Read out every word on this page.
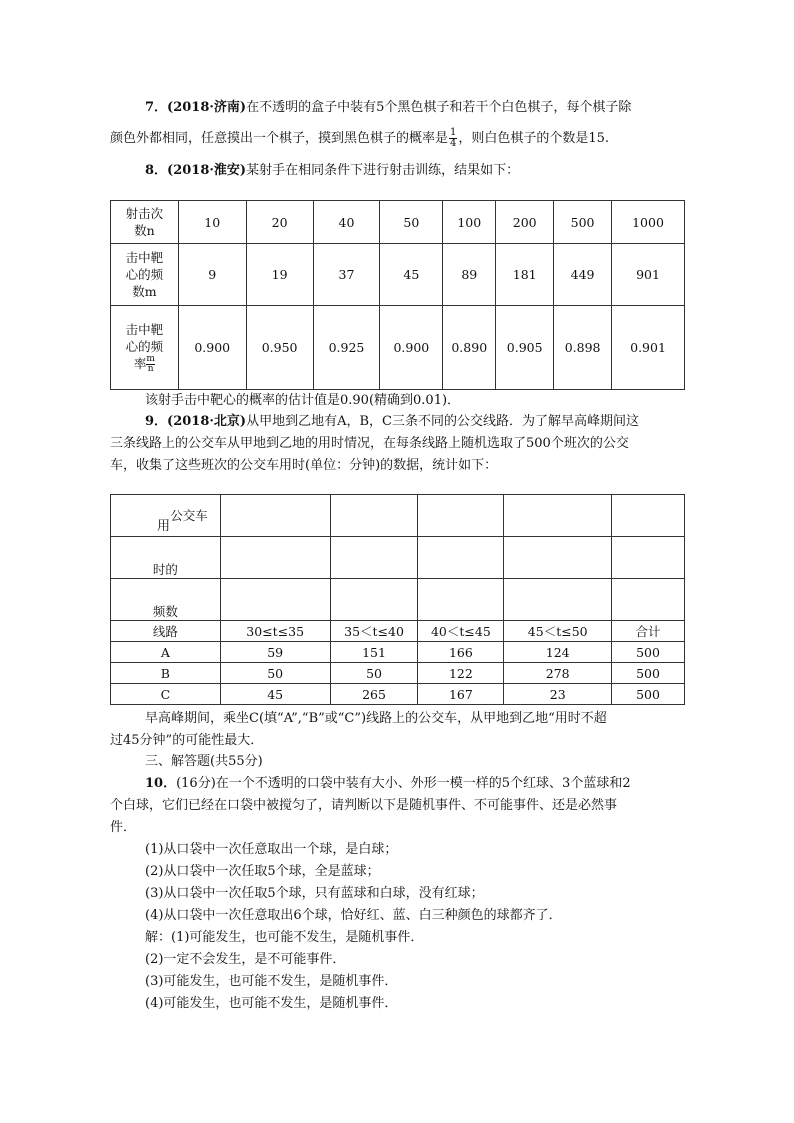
7．(2018·济南)在不透明的盒子中装有5个黑色棋子和若干个白色棋子，每个棋子除
颜色外都相同，任意摸出一个棋子，摸到黑色棋子的概率是 $\frac{1}{4}$ ，则白色棋子的个数是15.
8．(2018·淮安)某射手在相同条件下进行射击训练，结果如下：
射击次
数n	10	20	40	50	100	200	500	1000
击中靶
心的频
数m	9	19	37	45	89	181	449	901
击中靶
心的频
率 $\frac{m}{n}$	0.900	0.950	0.925	0.900	0.890	0.905	0.898	0.901
该射手击中靶心的概率的估计值是0.90(精确到0.01)．
9．(2018·北京)从甲地到乙地有A，B，C三条不同的公交线路．为了解早高峰期间这
三条线路上的公交车从甲地到乙地的用时情况，在每条线路上随机选取了500个班次的公交
车，收集了这些班次的公交车用时(单位：分钟)的数据，统计如下：
公交车					
时的					
频数					
线路	30≤t≤35	35＜t≤40	40＜t≤45	45＜t≤50	合计
A	59	151	166	124	500
B	50	50	122	278	500
C	45	265	167	23	500
用
早高峰期间，乘坐C(填“A”,“B”或“C”)线路上的公交车，从甲地到乙地“用时不超
过45分钟”的可能性最大．
三、解答题(共55分)
10．(16分)在一个不透明的口袋中装有大小、外形一模一样的5个红球、3个蓝球和2
个白球，它们已经在口袋中被搅匀了，请判断以下是随机事件、不可能事件、还是必然事
件．
(1)从口袋中一次任意取出一个球，是白球；
(2)从口袋中一次任取5个球，全是蓝球；
(3)从口袋中一次任取5个球，只有蓝球和白球，没有红球；
(4)从口袋中一次任意取出6个球，恰好红、蓝、白三种颜色的球都齐了．
解：(1)可能发生，也可能不发生，是随机事件．
(2)一定不会发生，是不可能事件．
(3)可能发生，也可能不发生，是随机事件．
(4)可能发生，也可能不发生，是随机事件．
